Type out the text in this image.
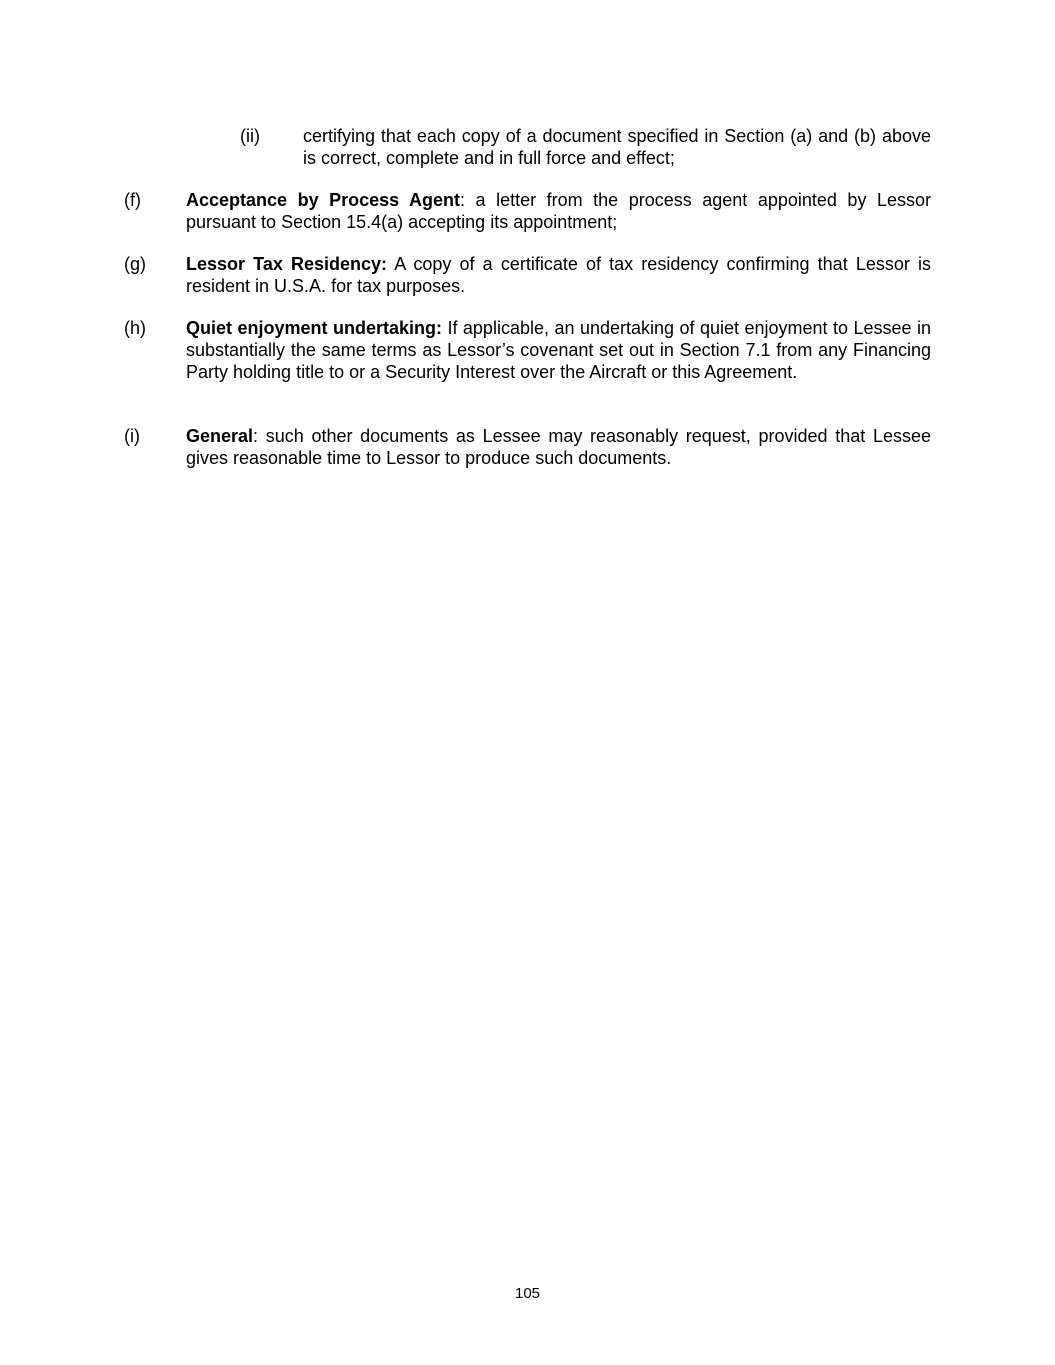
(ii)	certifying that each copy of a document specified in Section (a) and (b) above is correct, complete and in full force and effect;
(f)	Acceptance by Process Agent: a letter from the process agent appointed by Lessor pursuant to Section 15.4(a) accepting its appointment;
(g)	Lessor Tax Residency: A copy of a certificate of tax residency confirming that Lessor is resident in U.S.A. for tax purposes.
(h)	Quiet enjoyment undertaking: If applicable, an undertaking of quiet enjoyment to Lessee in substantially the same terms as Lessor’s covenant set out in Section 7.1 from any Financing Party holding title to or a Security Interest over the Aircraft or this Agreement.
(i)	General: such other documents as Lessee may reasonably request, provided that Lessee gives reasonable time to Lessor to produce such documents.
105
